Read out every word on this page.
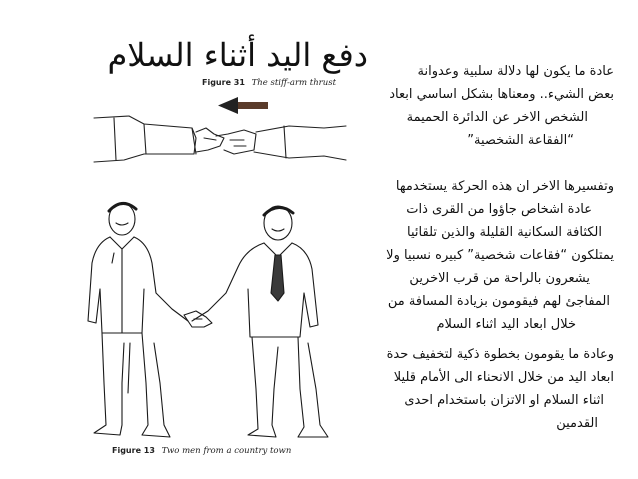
دفع اليد أثناء السلام	عادة ما يكون لها دلالة سلبية وعدوانة
بعض الشيء.. ومعناها بشكل اساسي ابعاد
الشخص الاخر عن الدائرة الحميمة
“الفقاعة الشخصية”
وتفسيرها الاخر ان هذه الحركة يستخدمها
عادة اشخاص جاؤوا من القرى ذات
الكثافة السكانية القليلة والذين تلقائيا
يمتلكون “فقاعات شخصية” كبيره نسبيا ولا
يشعرون بالراحة من قرب الاخرين
المفاجئ لهم فيقومون بزيادة المسافة من
خلال ابعاد اليد اثناء السلام
وعادة ما يقومون بخطوة ذكية لتخفيف حدة
ابعاد اليد من خلال الانحناء الى الأمام قليلا
اثناء السلام او الاتزان باستخدام احدى
القدمين
Figure 31 The stiff-arm thrust
Figure 13 Two men from a country town
